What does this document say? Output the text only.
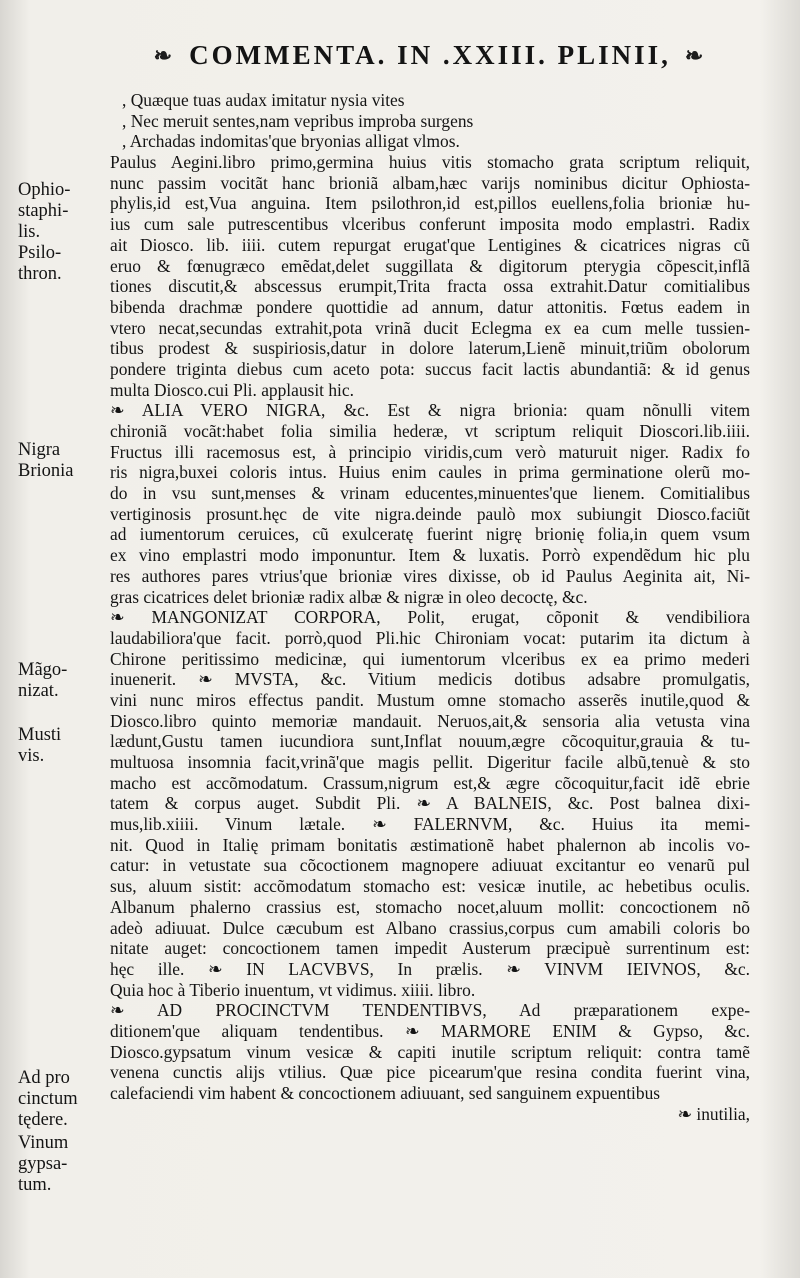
❧ COMMENTA. IN .XXIII. PLINII, ❧
Ophio-
staphi-
lis.
Psilo-
thron.
Nigra
Brionia
Mãgo-
nizat.
Musti
vis.
Ad pro
cinctum
tędere.
Vinum
gypsa-
tum.
, Quæque tuas audax imitatur nysia vites
, Nec meruit sentes,nam vepribus improba surgens
, Archadas indomitas'que bryonias alligat vlmos.
Paulus Aegini.libro primo,germina huius vitis stomacho grata scriptum reliquit,
nunc passim vocitãt hanc brioniã albam,hæc varijs nominibus dicitur Ophiosta-
phylis,id est,Vua anguina. Item psilothron,id est,pillos euellens,folia brioniæ hu-
ius cum sale putrescentibus vlceribus conferunt imposita modo emplastri. Radix
ait Diosco. lib. iiii. cutem repurgat erugat'que Lentigines & cicatrices nigras cũ
eruo & fœnugræco emẽdat,delet suggillata & digitorum pterygia cõpescit,inflã
tiones discutit,& abscessus erumpit,Trita fracta ossa extrahit.Datur comitialibus
bibenda drachmæ pondere quottidie ad annum, datur attonitis. Fœtus eadem in
vtero necat,secundas extrahit,pota vrinã ducit Eclegma ex ea cum melle tussien-
tibus prodest & suspiriosis,datur in dolore laterum,Lienẽ minuit,triũm obolorum
pondere triginta diebus cum aceto pota: succus facit lactis abundantiã: & id genus
multa Diosco.cui Pli. applausit hic.
❧ ALIA VERO NIGRA, &c. Est & nigra brionia: quam nõnulli vitem
chironiã vocãt:habet folia similia hederæ, vt scriptum reliquit Dioscori.lib.iiii.
Fructus illi racemosus est, à principio viridis,cum verò maturuit niger. Radix fo
ris nigra,buxei coloris intus. Huius enim caules in prima germinatione olerũ mo-
do in vsu sunt,menses & vrinam educentes,minuentes'que lienem. Comitialibus
vertiginosis prosunt.hęc de vite nigra.deinde paulò mox subiungit Diosco.faciũt
ad iumentorum ceruices, cũ exulceratę fuerint nigrę brionię folia,in quem vsum
ex vino emplastri modo imponuntur. Item & luxatis. Porrò expendẽdum hic plu
res authores pares vtrius'que brioniæ vires dixisse, ob id Paulus Aeginita ait, Ni-
gras cicatrices delet brioniæ radix albæ & nigræ in oleo decoctę, &c.
❧ MANGONIZAT CORPORA, Polit, erugat, cõponit & vendibiliora
laudabiliora'que facit. porrò,quod Pli.hic Chironiam vocat: putarim ita dictum à
Chirone peritissimo medicinæ, qui iumentorum vlceribus ex ea primo mederi
inuenerit. ❧ MVSTA, &c. Vitium medicis dotibus adsabre promulgatis,
vini nunc miros effectus pandit. Mustum omne stomacho asserẽs inutile,quod &
Diosco.libro quinto memoriæ mandauit. Neruos,ait,& sensoria alia vetusta vina
lædunt,Gustu tamen iucundiora sunt,Inflat nouum,ægre cõcoquitur,grauia & tu-
multuosa insomnia facit,vrinã'que magis pellit. Digeritur facile albũ,tenuè & sto
macho est accõmodatum. Crassum,nigrum est,& ægre cõcoquitur,facit idẽ ebrie
tatem & corpus auget. Subdit Pli. ❧ A BALNEIS, &c. Post balnea dixi-
mus,lib.xiiii. Vinum lætale. ❧ FALERNVM, &c. Huius ita memi-
nit. Quod in Italię primam bonitatis æstimationẽ habet phalernon ab incolis vo-
catur: in vetustate sua cõcoctionem magnopere adiuuat excitantur eo venarũ pul
sus, aluum sistit: accõmodatum stomacho est: vesicæ inutile, ac hebetibus oculis.
Albanum phalerno crassius est, stomacho nocet,aluum mollit: concoctionem nõ
adeò adiuuat. Dulce cæcubum est Albano crassius,corpus cum amabili coloris bo
nitate auget: concoctionem tamen impedit Austerum præcipuè surrentinum est:
hęc ille. ❧ IN LACVBVS, In prælis. ❧ VINVM IEIVNOS, &c.
Quia hoc à Tiberio inuentum, vt vidimus. xiiii. libro.
❧ AD PROCINCTVM TENDENTIBVS, Ad præparationem expe-
ditionem'que aliquam tendentibus. ❧ MARMORE ENIM & Gypso, &c.
Diosco.gypsatum vinum vesicæ & capiti inutile scriptum reliquit: contra tamẽ
venena cunctis alijs vtilius. Quæ pice picearum'que resina condita fuerint vina,
calefaciendi vim habent & concoctionem adiuuant, sed sanguinem expuentibus
❧ inutilia,
